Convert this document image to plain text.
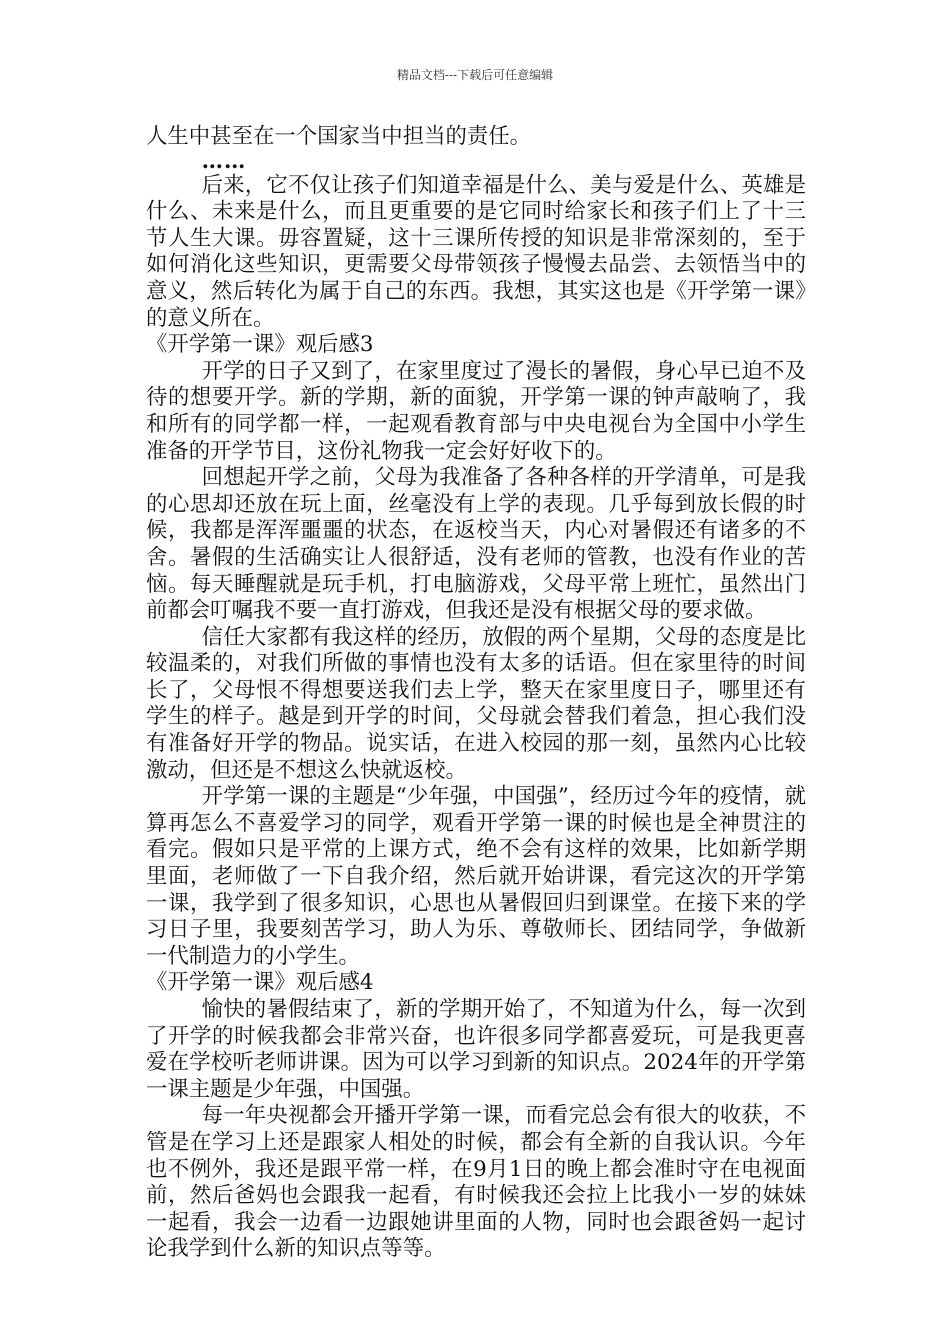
精品文档---下载后可任意编辑

人生中甚至在一个国家当中担当的责任。

……

后来，它不仅让孩子们知道幸福是什么、美与爱是什么、英雄是什么、未来是什么，而且更重要的是它同时给家长和孩子们上了十三节人生大课。毋容置疑，这十三课所传授的知识是非常深刻的，至于如何消化这些知识，更需要父母带领孩子慢慢去品尝、去领悟当中的意义，然后转化为属于自己的东西。我想，其实这也是《开学第一课》的意义所在。

《开学第一课》观后感3

开学的日子又到了，在家里度过了漫长的暑假，身心早已迫不及待的想要开学。新的学期，新的面貌，开学第一课的钟声敲响了，我和所有的同学都一样，一起观看教育部与中央电视台为全国中小学生准备的开学节目，这份礼物我一定会好好收下的。

回想起开学之前，父母为我准备了各种各样的开学清单，可是我的心思却还放在玩上面，丝毫没有上学的表现。几乎每到放长假的时候，我都是浑浑噩噩的状态，在返校当天，内心对暑假还有诸多的不舍。暑假的生活确实让人很舒适，没有老师的管教，也没有作业的苦恼。每天睡醒就是玩手机，打电脑游戏，父母平常上班忙，虽然出门前都会叮嘱我不要一直打游戏，但我还是没有根据父母的要求做。

信任大家都有我这样的经历，放假的两个星期，父母的态度是比较温柔的，对我们所做的事情也没有太多的话语。但在家里待的时间长了，父母恨不得想要送我们去上学，整天在家里度日子，哪里还有学生的样子。越是到开学的时间，父母就会替我们着急，担心我们没有准备好开学的物品。说实话，在进入校园的那一刻，虽然内心比较激动，但还是不想这么快就返校。

开学第一课的主题是“少年强，中国强”，经历过今年的疫情，就算再怎么不喜爱学习的同学，观看开学第一课的时候也是全神贯注的看完。假如只是平常的上课方式，绝不会有这样的效果，比如新学期里面，老师做了一下自我介绍，然后就开始讲课，看完这次的开学第一课，我学到了很多知识，心思也从暑假回归到课堂。在接下来的学习日子里，我要刻苦学习，助人为乐、尊敬师长、团结同学，争做新一代制造力的小学生。

《开学第一课》观后感4

愉快的暑假结束了，新的学期开始了，不知道为什么，每一次到了开学的时候我都会非常兴奋，也许很多同学都喜爱玩，可是我更喜爱在学校听老师讲课。因为可以学习到新的知识点。2024年的开学第一课主题是少年强，中国强。

每一年央视都会开播开学第一课，而看完总会有很大的收获，不管是在学习上还是跟家人相处的时候，都会有全新的自我认识。今年也不例外，我还是跟平常一样，在9月1日的晚上都会准时守在电视面前，然后爸妈也会跟我一起看，有时候我还会拉上比我小一岁的妹妹一起看，我会一边看一边跟她讲里面的人物，同时也会跟爸妈一起讨论我学到什么新的知识点等等。
